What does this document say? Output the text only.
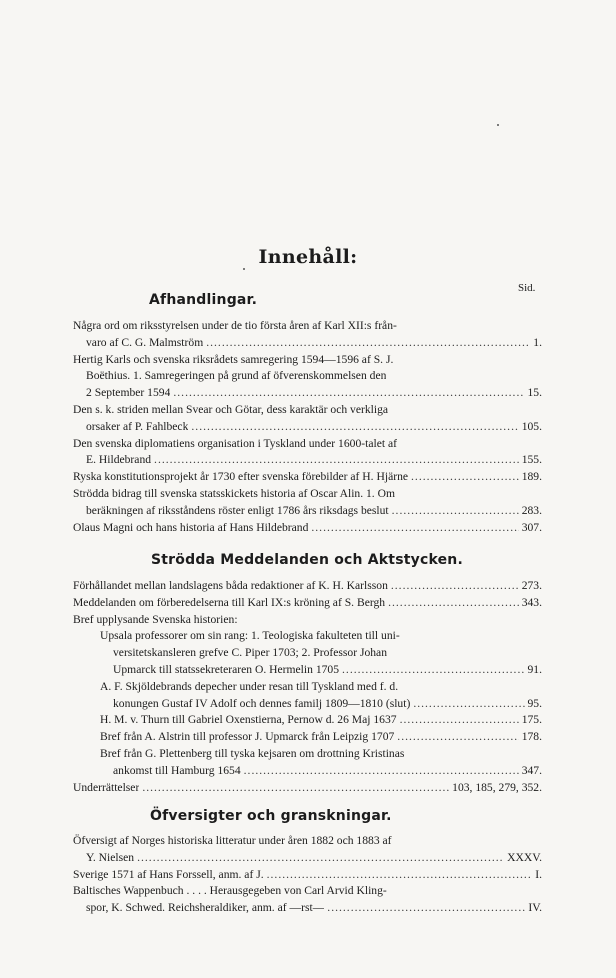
Innehåll:
Sid.
Afhandlingar.
Några ord om riksstyrelsen under de tio första åren af Karl XII:s från-
varo af C. G. Malmström .....	1.
Hertig Karls och svenska riksrådets samregering 1594—1596 af S. J.
Boëthius. 1. Samregeringen på grund af öfverenskommelsen den
2 September 1594 .....	15.
Den s. k. striden mellan Svear och Götar, dess karaktär och verkliga
orsaker af P. Fahlbeck .....	105.
Den svenska diplomatiens organisation i Tyskland under 1600-talet af
E. Hildebrand .....	155.
Ryska konstitutionsprojekt år 1730 efter svenska förebilder af H. Hjärne .....	189.
Strödda bidrag till svenska statsskickets historia af Oscar Alin. 1. Om
beräkningen af riksståndens röster enligt 1786 års riksdags beslut .....	283.
Olaus Magni och hans historia af Hans Hildebrand .....	307.
Strödda Meddelanden och Aktstycken.
Förhållandet mellan landslagens båda redaktioner af K. H. Karlsson .....	273.
Meddelanden om förberedelserna till Karl IX:s kröning af S. Bergh .....	343.
Bref upplysande Svenska historien:
Upsala professorer om sin rang: 1. Teologiska fakulteten till uni-
versitetskansleren grefve C. Piper 1703; 2. Professor Johan
Upmarck till statssekreteraren O. Hermelin 1705 .....	91.
A. F. Skjöldebrands depecher under resan till Tyskland med f. d.
konungen Gustaf IV Adolf och dennes familj 1809—1810 (slut) .....	95.
H. M. v. Thurn till Gabriel Oxenstierna, Pernow d. 26 Maj 1637 .....	175.
Bref från A. Alstrin till professor J. Upmarck från Leipzig 1707 .....	178.
Bref från G. Plettenberg till tyska kejsaren om drottning Kristinas
ankomst till Hamburg 1654 .....	347.
Underrättelser .....	103, 185, 279, 352.
Öfversigter och granskningar.
Öfversigt af Norges historiska litteratur under åren 1882 och 1883 af
Y. Nielsen .....	XXXV.
Sverige 1571 af Hans Forssell, anm. af J. .....	I.
Baltisches Wappenbuch . . . . Herausgegeben von Carl Arvid Kling-
spor, K. Schwed. Reichsheraldiker, anm. af —rst— .....	IV.
